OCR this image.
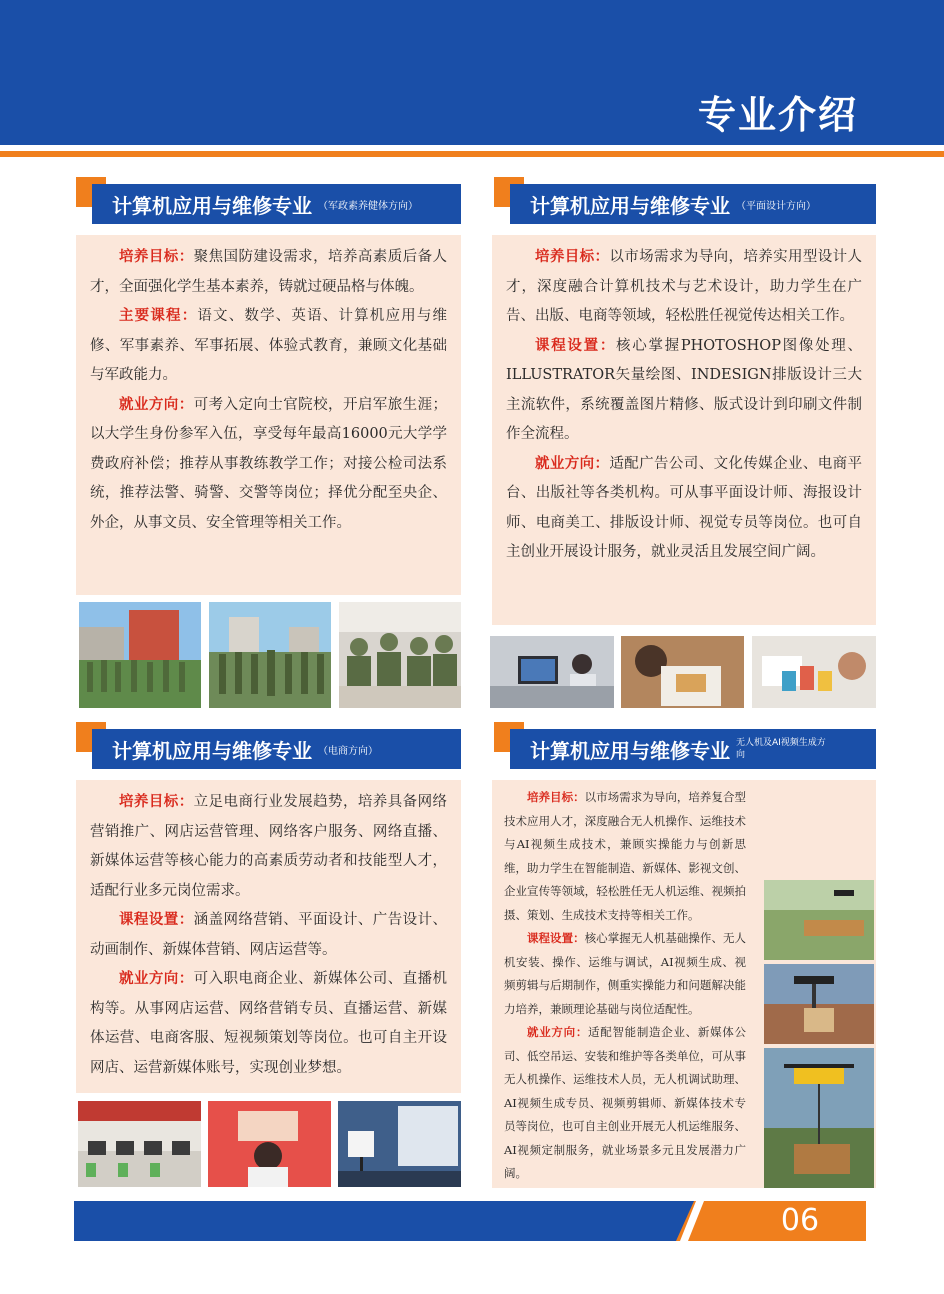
专业介绍
计算机应用与维修专业 （军政素养健体方向）	计算机应用与维修专业 （平面设计方向）

培养目标：聚焦国防建设需求，培养高素质后备人才，全面强化学生基本素养，铸就过硬品格与体魄。

主要课程：语文、数学、英语、计算机应用与维修、军事素养、军事拓展、体验式教育，兼顾文化基础与军政能力。

就业方向：可考入定向士官院校，开启军旅生涯；以大学生身份参军入伍，享受每年最高16000元大学学费政府补偿；推荐从事教练教学工作；对接公检司法系统，推荐法警、骑警、交警等岗位；择优分配至央企、外企，从事文员、安全管理等相关工作。

培养目标：以市场需求为导向，培养实用型设计人才，深度融合计算机技术与艺术设计，助力学生在广告、出版、电商等领域，轻松胜任视觉传达相关工作。

课程设置：核心掌握PHOTOSHOP图像处理、ILLUSTRATOR矢量绘图、INDESIGN排版设计三大主流软件，系统覆盖图片精修、版式设计到印刷文件制作全流程。

就业方向：适配广告公司、文化传媒企业、电商平台、出版社等各类机构。可从事平面设计师、海报设计师、电商美工、排版设计师、视觉专员等岗位。也可自主创业开展设计服务，就业灵活且发展空间广阔。

计算机应用与维修专业 （电商方向）	计算机应用与维修专业 无人机及AI视频生成方向

培养目标：立足电商行业发展趋势，培养具备网络营销推广、网店运营管理、网络客户服务、网络直播、新媒体运营等核心能力的高素质劳动者和技能型人才，适配行业多元岗位需求。

课程设置：涵盖网络营销、平面设计、广告设计、动画制作、新媒体营销、网店运营等。

就业方向：可入职电商企业、新媒体公司、直播机构等。从事网店运营、网络营销专员、直播运营、新媒体运营、电商客服、短视频策划等岗位。也可自主开设网店、运营新媒体账号，实现创业梦想。

培养目标：以市场需求为导向，培养复合型技术应用人才，深度融合无人机操作、运维技术与AI视频生成技术，兼顾实操能力与创新思维，助力学生在智能制造、新媒体、影视文创、企业宣传等领域，轻松胜任无人机运维、视频拍摄、策划、生成技术支持等相关工作。

课程设置：核心掌握无人机基础操作、无人机安装、操作、运维与调试，AI视频生成、视频剪辑与后期制作，侧重实操能力和问题解决能力培养，兼顾理论基础与岗位适配性。

就业方向：适配智能制造企业、新媒体公司、低空吊运、安装和维护等各类单位，可从事无人机操作、运维技术人员，无人机调试助理、AI视频生成专员、视频剪辑师、新媒体技术专员等岗位，也可自主创业开展无人机运维服务、AI视频定制服务，就业场景多元且发展潜力广阔。

06
